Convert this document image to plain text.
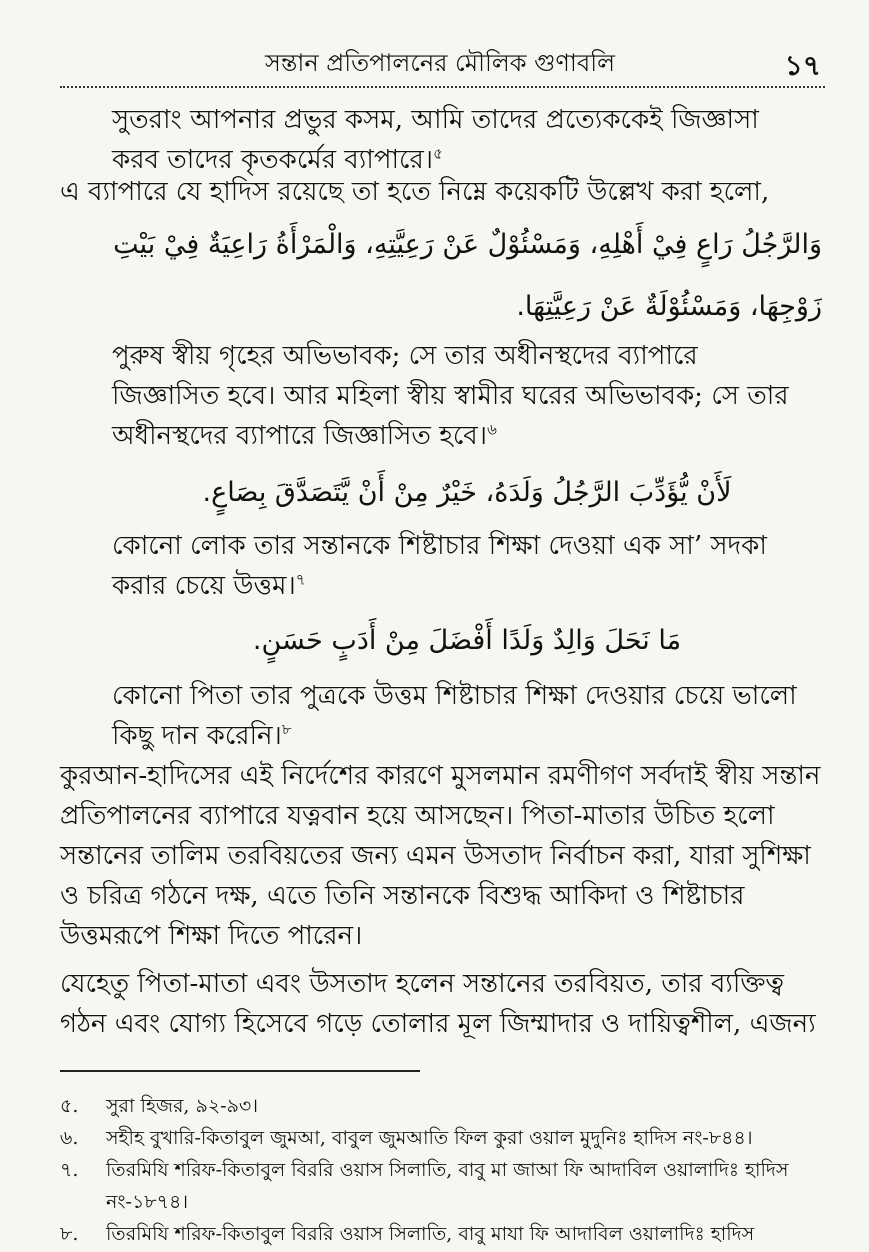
সন্তান প্রতিপালনের মৌলিক গুণাবলি	১৭

সুতরাং আপনার প্রভুর কসম, আমি তাদের প্রত্যেককেই জিজ্ঞাসা করব তাদের কৃতকর্মের ব্যাপারে।$^৫$

এ ব্যাপারে যে হাদিস রয়েছে তা হতে নিম্নে কয়েকটি উল্লেখ করা হলো,

وَالرَّجُلُ رَاعٍ فِيْ أَهْلِهِ، وَمَسْئُوْلٌ عَنْ رَعِيَّتِهِ، وَالْمَرْأَةُ رَاعِيَةٌ فِيْ بَيْتِ زَوْجِهَا، وَمَسْئُوْلَةٌ عَنْ رَعِيَّتِهَا.

পুরুষ স্বীয় গৃহের অভিভাবক; সে তার অধীনস্থদের ব্যাপারে জিজ্ঞাসিত হবে। আর মহিলা স্বীয় স্বামীর ঘরের অভিভাবক; সে তার অধীনস্থদের ব্যাপারে জিজ্ঞাসিত হবে।$^৬$

لَأَنْ يُّؤَدِّبَ الرَّجُلُ وَلَدَهُ، خَيْرٌ مِنْ أَنْ يَّتَصَدَّقَ بِصَاعٍ.

কোনো লোক তার সন্তানকে শিষ্টাচার শিক্ষা দেওয়া এক সা’ সদকা করার চেয়ে উত্তম।$^৭$

مَا نَحَلَ وَالِدٌ وَلَدًا أَفْضَلَ مِنْ أَدَبٍ حَسَنٍ.

কোনো পিতা তার পুত্রকে উত্তম শিষ্টাচার শিক্ষা দেওয়ার চেয়ে ভালো কিছু দান করেনি।$^৮$

কুরআন-হাদিসের এই নির্দেশের কারণে মুসলমান রমণীগণ সর্বদাই স্বীয় সন্তান প্রতিপালনের ব্যাপারে যত্নবান হয়ে আসছেন। পিতা-মাতার উচিত হলো সন্তানের তালিম তরবিয়তের জন্য এমন উসতাদ নির্বাচন করা, যারা সুশিক্ষা ও চরিত্র গঠনে দক্ষ, এতে তিনি সন্তানকে বিশুদ্ধ আকিদা ও শিষ্টাচার উত্তমরূপে শিক্ষা দিতে পারেন।

যেহেতু পিতা-মাতা এবং উসতাদ হলেন সন্তানের তরবিয়ত, তার ব্যক্তিত্ব গঠন এবং যোগ্য হিসেবে গড়ে তোলার মূল জিম্মাদার ও দায়িত্বশীল, এজন্য

৫.	সুরা হিজর, ৯২-৯৩।
৬.	সহীহ বুখারি-কিতাবুল জুমআ, বাবুল জুমআতি ফিল কুরা ওয়াল মুদুনিঃ হাদিস নং-৮৪৪।
৭.	তিরমিযি শরিফ-কিতাবুল বিররি ওয়াস সিলাতি, বাবু মা জাআ ফি আদাবিল ওয়ালাদিঃ হাদিস নং-১৮৭৪।
৮.	তিরমিযি শরিফ-কিতাবুল বিররি ওয়াস সিলাতি, বাবু মাযা ফি আদাবিল ওয়ালাদিঃ হাদিস
